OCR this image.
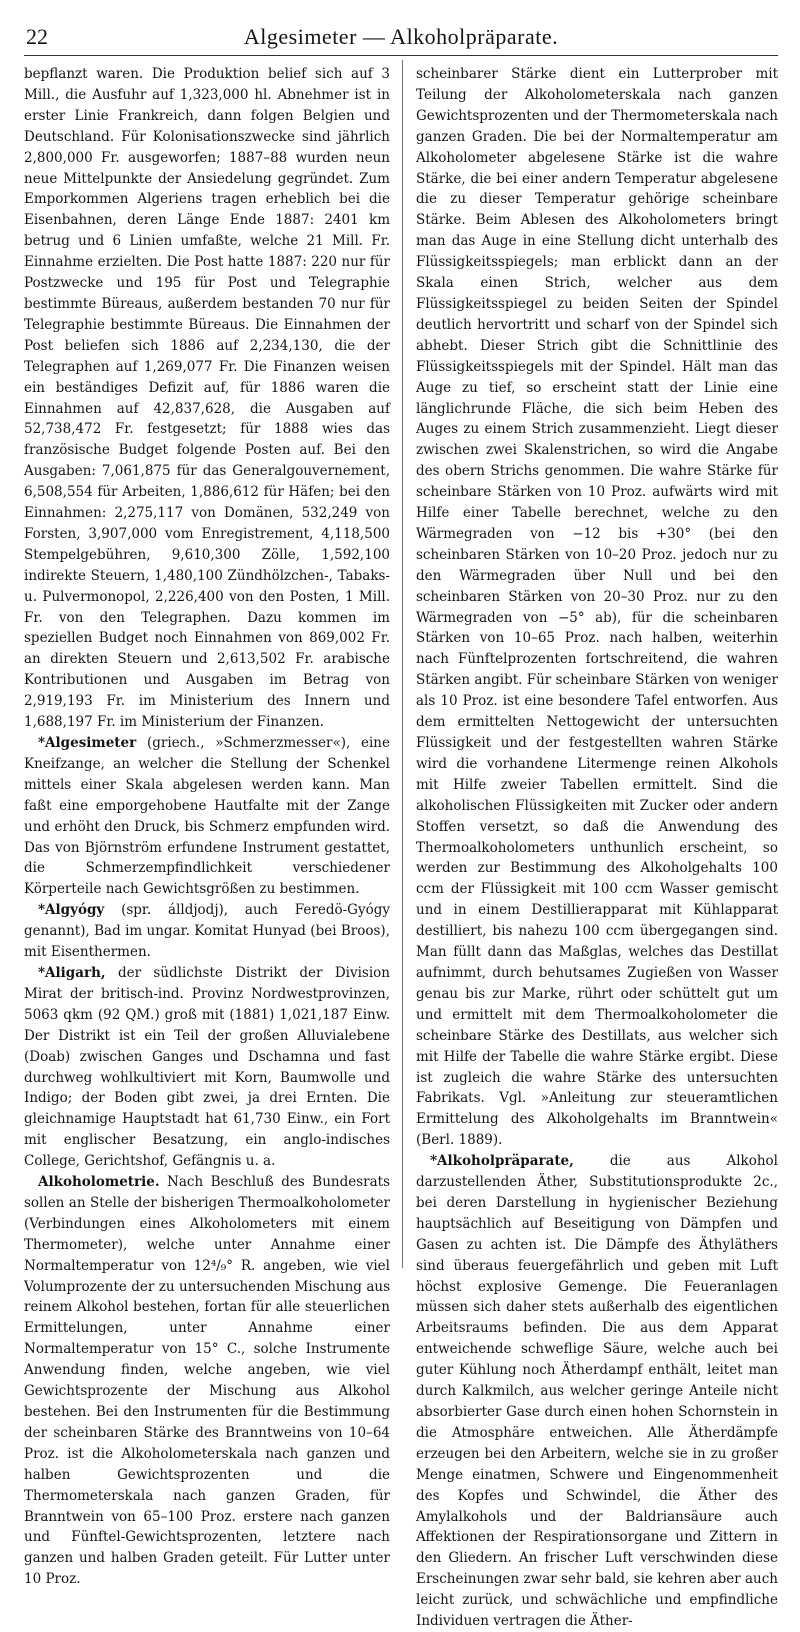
22	Algesimeter — Alkoholpräparate.

bepflanzt waren. Die Produktion belief sich auf 3 Mill., die Ausfuhr auf 1,323,000 hl. Abnehmer ist in erster Linie Frankreich, dann folgen Belgien und Deutschland. Für Kolonisationszwecke sind jährlich 2,800,000 Fr. ausgeworfen; 1887–88 wurden neun neue Mittelpunkte der Ansiedelung gegründet. Zum Emporkommen Algeriens tragen erheblich bei die Eisenbahnen, deren Länge Ende 1887: 2401 km betrug und 6 Linien umfaßte, welche 21 Mill. Fr. Einnahme erzielten. Die Post hatte 1887: 220 nur für Postzwecke und 195 für Post und Telegraphie bestimmte Büreaus, außerdem bestanden 70 nur für Telegraphie bestimmte Büreaus. Die Einnahmen der Post beliefen sich 1886 auf 2,234,130, die der Telegraphen auf 1,269,077 Fr. Die Finanzen weisen ein beständiges Defizit auf, für 1886 waren die Einnahmen auf 42,837,628, die Ausgaben auf 52,738,472 Fr. festgesetzt; für 1888 wies das französische Budget folgende Posten auf. Bei den Ausgaben: 7,061,875 für das Generalgouvernement, 6,508,554 für Arbeiten, 1,886,612 für Häfen; bei den Einnahmen: 2,275,117 von Domänen, 532,249 von Forsten, 3,907,000 vom Enregistrement, 4,118,500 Stempelgebühren, 9,610,300 Zölle, 1,592,100 indirekte Steuern, 1,480,100 Zündhölzchen-, Tabaks- u. Pulvermonopol, 2,226,400 von den Posten, 1 Mill. Fr. von den Telegraphen. Dazu kommen im speziellen Budget noch Einnahmen von 869,002 Fr. an direkten Steuern und 2,613,502 Fr. arabische Kontributionen und Ausgaben im Betrag von 2,919,193 Fr. im Ministerium des Innern und 1,688,197 Fr. im Ministerium der Finanzen.

*Algesimeter (griech., »Schmerzmesser«), eine Kneifzange, an welcher die Stellung der Schenkel mittels einer Skala abgelesen werden kann. Man faßt eine emporgehobene Hautfalte mit der Zange und erhöht den Druck, bis Schmerz empfunden wird. Das von Björnström erfundene Instrument gestattet, die Schmerzempfindlichkeit verschiedener Körperteile nach Gewichtsgrößen zu bestimmen.

*Algyógy (spr. álldjodj), auch Feredö-Gyógy genannt), Bad im ungar. Komitat Hunyad (bei Broos), mit Eisenthermen.

*Aligarh, der südlichste Distrikt der Division Mirat der britisch-ind. Provinz Nordwestprovinzen, 5063 qkm (92 QM.) groß mit (1881) 1,021,187 Einw. Der Distrikt ist ein Teil der großen Alluvialebene (Doab) zwischen Ganges und Dschamna und fast durchweg wohlkultiviert mit Korn, Baumwolle und Indigo; der Boden gibt zwei, ja drei Ernten. Die gleichnamige Hauptstadt hat 61,730 Einw., ein Fort mit englischer Besatzung, ein anglo-indisches College, Gerichtshof, Gefängnis u. a.

Alkoholometrie. Nach Beschluß des Bundesrats sollen an Stelle der bisherigen Thermoalkoholometer (Verbindungen eines Alkoholometers mit einem Thermometer), welche unter Annahme einer Normaltemperatur von 12⁴/₉° R. angeben, wie viel Volumprozente der zu untersuchenden Mischung aus reinem Alkohol bestehen, fortan für alle steuerlichen Ermittelungen, unter Annahme einer Normaltemperatur von 15° C., solche Instrumente Anwendung finden, welche angeben, wie viel Gewichtsprozente der Mischung aus Alkohol bestehen. Bei den Instrumenten für die Bestimmung der scheinbaren Stärke des Branntweins von 10–64 Proz. ist die Alkoholometerskala nach ganzen und halben Gewichtsprozenten und die Thermometerskala nach ganzen Graden, für Branntwein von 65–100 Proz. erstere nach ganzen und Fünftel-Gewichtsprozenten, letztere nach ganzen und halben Graden geteilt. Für Lutter unter 10 Proz.

scheinbarer Stärke dient ein Lutterprober mit Teilung der Alkoholometerskala nach ganzen Gewichtsprozenten und der Thermometerskala nach ganzen Graden. Die bei der Normaltemperatur am Alkoholometer abgelesene Stärke ist die wahre Stärke, die bei einer andern Temperatur abgelesene die zu dieser Temperatur gehörige scheinbare Stärke. Beim Ablesen des Alkoholometers bringt man das Auge in eine Stellung dicht unterhalb des Flüssigkeitsspiegels; man erblickt dann an der Skala einen Strich, welcher aus dem Flüssigkeitsspiegel zu beiden Seiten der Spindel deutlich hervortritt und scharf von der Spindel sich abhebt. Dieser Strich gibt die Schnittlinie des Flüssigkeitsspiegels mit der Spindel. Hält man das Auge zu tief, so erscheint statt der Linie eine länglichrunde Fläche, die sich beim Heben des Auges zu einem Strich zusammenzieht. Liegt dieser zwischen zwei Skalenstrichen, so wird die Angabe des obern Strichs genommen. Die wahre Stärke für scheinbare Stärken von 10 Proz. aufwärts wird mit Hilfe einer Tabelle berechnet, welche zu den Wärmegraden von −12 bis +30° (bei den scheinbaren Stärken von 10–20 Proz. jedoch nur zu den Wärmegraden über Null und bei den scheinbaren Stärken von 20–30 Proz. nur zu den Wärmegraden von −5° ab), für die scheinbaren Stärken von 10–65 Proz. nach halben, weiterhin nach Fünftelprozenten fortschreitend, die wahren Stärken angibt. Für scheinbare Stärken von weniger als 10 Proz. ist eine besondere Tafel entworfen. Aus dem ermittelten Nettogewicht der untersuchten Flüssigkeit und der festgestellten wahren Stärke wird die vorhandene Litermenge reinen Alkohols mit Hilfe zweier Tabellen ermittelt. Sind die alkoholischen Flüssigkeiten mit Zucker oder andern Stoffen versetzt, so daß die Anwendung des Thermoalkoholometers unthunlich erscheint, so werden zur Bestimmung des Alkoholgehalts 100 ccm der Flüssigkeit mit 100 ccm Wasser gemischt und in einem Destillierapparat mit Kühlapparat destilliert, bis nahezu 100 ccm übergegangen sind. Man füllt dann das Maßglas, welches das Destillat aufnimmt, durch behutsames Zugießen von Wasser genau bis zur Marke, rührt oder schüttelt gut um und ermittelt mit dem Thermoalkoholometer die scheinbare Stärke des Destillats, aus welcher sich mit Hilfe der Tabelle die wahre Stärke ergibt. Diese ist zugleich die wahre Stärke des untersuchten Fabrikats. Vgl. »Anleitung zur steueramtlichen Ermittelung des Alkoholgehalts im Branntwein« (Berl. 1889).

*Alkoholpräparate, die aus Alkohol darzustellenden Äther, Substitutionsprodukte 2c., bei deren Darstellung in hygienischer Beziehung hauptsächlich auf Beseitigung von Dämpfen und Gasen zu achten ist. Die Dämpfe des Äthyläthers sind überaus feuergefährlich und geben mit Luft höchst explosive Gemenge. Die Feueranlagen müssen sich daher stets außerhalb des eigentlichen Arbeitsraums befinden. Die aus dem Apparat entweichende schweflige Säure, welche auch bei guter Kühlung noch Ätherdampf enthält, leitet man durch Kalkmilch, aus welcher geringe Anteile nicht absorbierter Gase durch einen hohen Schornstein in die Atmosphäre entweichen. Alle Ätherdämpfe erzeugen bei den Arbeitern, welche sie in zu großer Menge einatmen, Schwere und Eingenommenheit des Kopfes und Schwindel, die Äther des Amylalkohols und der Baldriansäure auch Affektionen der Respirationsorgane und Zittern in den Gliedern. An frischer Luft verschwinden diese Erscheinungen zwar sehr bald, sie kehren aber auch leicht zurück, und schwächliche und empfindliche Individuen vertragen die Äther-
